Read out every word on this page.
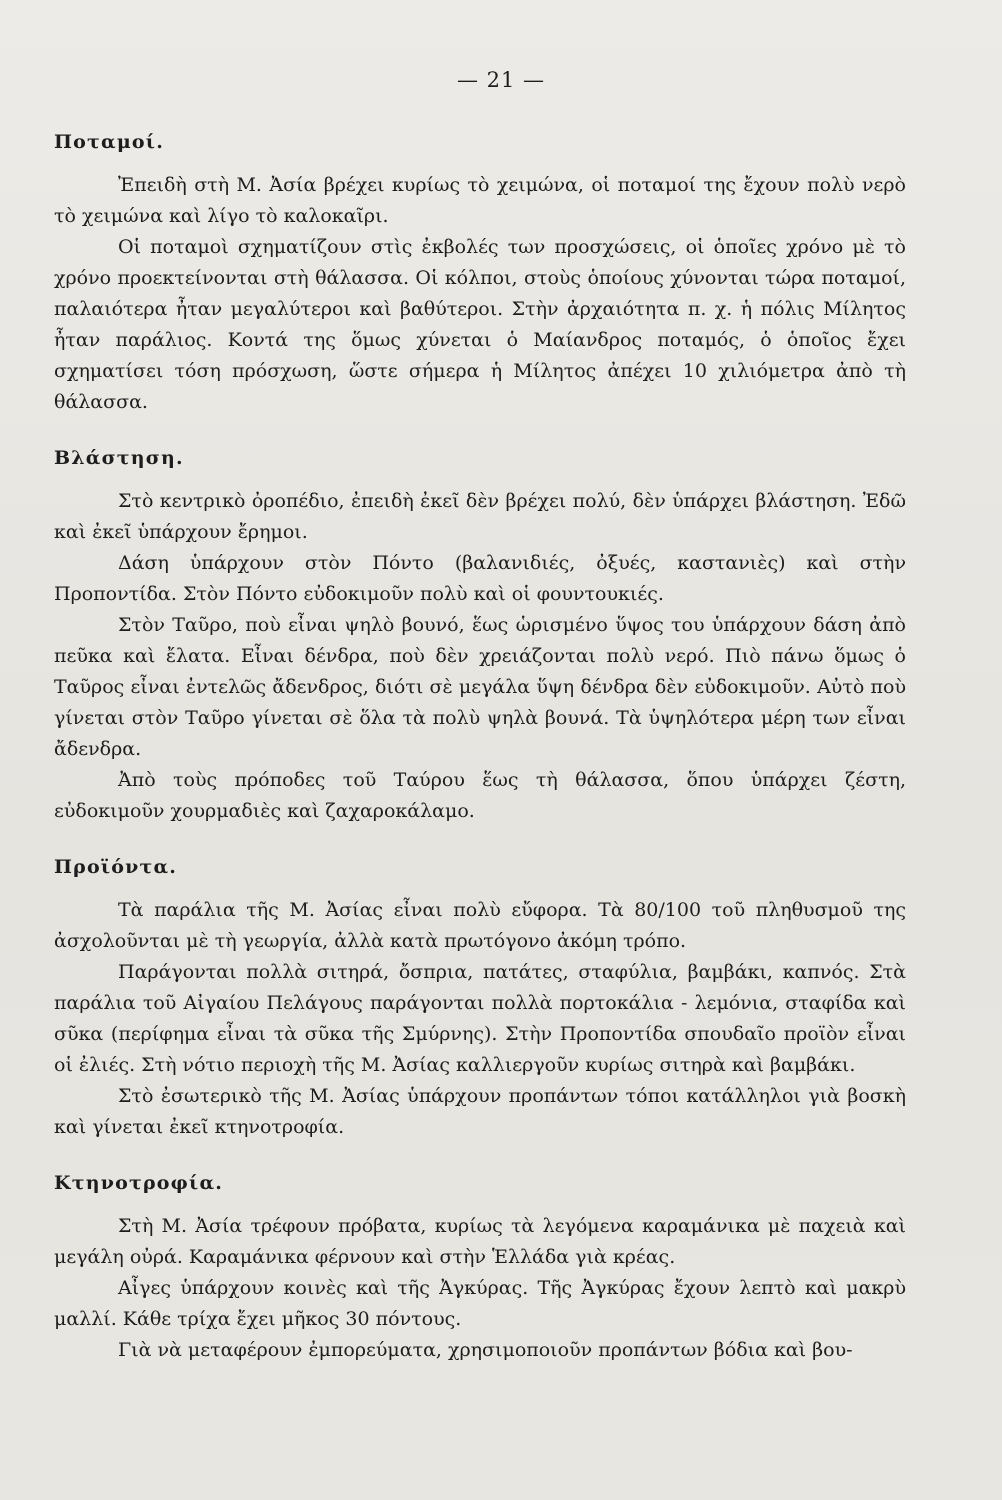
— 21 —
Ποταμοί.

Ἐπειδὴ στὴ Μ. Ἀσία βρέχει κυρίως τὸ χειμώνα, οἱ ποταμοί της ἔχουν πολὺ νερὸ τὸ χειμώνα καὶ λίγο τὸ καλοκαῖρι.

Οἱ ποταμοὶ σχηματίζουν στὶς ἐκβολές των προσχώσεις, οἱ ὁποῖες χρόνο μὲ τὸ χρόνο προεκτείνονται στὴ θάλασσα. Οἱ κόλποι, στοὺς ὁποίους χύνονται τώρα ποταμοί, παλαιότερα ἦταν μεγαλύτεροι καὶ βαθύτεροι. Στὴν ἀρχαιότητα π. χ. ἡ πόλις Μίλητος ἦταν παράλιος. Κοντά της ὅμως χύνεται ὁ Μαίανδρος ποταμός, ὁ ὁποῖος ἔχει σχηματίσει τόση πρόσχωση, ὥστε σήμερα ἡ Μίλητος ἀπέχει 10 χιλιόμετρα ἀπὸ τὴ θάλασσα.

Βλάστηση.

Στὸ κεντρικὸ ὀροπέδιο, ἐπειδὴ ἐκεῖ δὲν βρέχει πολύ, δὲν ὑπάρχει βλάστηση. Ἐδῶ καὶ ἐκεῖ ὑπάρχουν ἔρημοι.

Δάση ὑπάρχουν στὸν Πόντο (βαλανιδιές, ὀξυές, καστανιὲς) καὶ στὴν Προποντίδα. Στὸν Πόντο εὐδοκιμοῦν πολὺ καὶ οἱ φουντουκιές.

Στὸν Ταῦρο, ποὺ εἶναι ψηλὸ βουνό, ἕως ὡρισμένο ὕψος του ὑπάρχουν δάση ἀπὸ πεῦκα καὶ ἔλατα. Εἶναι δένδρα, ποὺ δὲν χρειάζονται πολὺ νερό. Πιὸ πάνω ὅμως ὁ Ταῦρος εἶναι ἐντελῶς ἄδενδρος, διότι σὲ μεγάλα ὕψη δένδρα δὲν εὐδοκιμοῦν. Αὐτὸ ποὺ γίνεται στὸν Ταῦρο γίνεται σὲ ὅλα τὰ πολὺ ψηλὰ βουνά. Τὰ ὑψηλότερα μέρη των εἶναι ἄδενδρα.

Ἀπὸ τοὺς πρόποδες τοῦ Ταύρου ἕως τὴ θάλασσα, ὅπου ὑπάρχει ζέστη, εὐδοκιμοῦν χουρμαδιὲς καὶ ζαχαροκάλαμο.

Προϊόντα.

Τὰ παράλια τῆς Μ. Ἀσίας εἶναι πολὺ εὔφορα. Τὰ 80/100 τοῦ πληθυσμοῦ της ἀσχολοῦνται μὲ τὴ γεωργία, ἀλλὰ κατὰ πρωτόγονο ἀκόμη τρόπο.

Παράγονται πολλὰ σιτηρά, ὄσπρια, πατάτες, σταφύλια, βαμβάκι, καπνός. Στὰ παράλια τοῦ Αἰγαίου Πελάγους παράγονται πολλὰ πορτοκάλια - λεμόνια, σταφίδα καὶ σῦκα (περίφημα εἶναι τὰ σῦκα τῆς Σμύρνης). Στὴν Προποντίδα σπουδαῖο προϊὸν εἶναι οἱ ἐλιές. Στὴ νότιο περιοχὴ τῆς Μ. Ἀσίας καλλιεργοῦν κυρίως σιτηρὰ καὶ βαμβάκι.

Στὸ ἐσωτερικὸ τῆς Μ. Ἀσίας ὑπάρχουν προπάντων τόποι κατάλληλοι γιὰ βοσκὴ καὶ γίνεται ἐκεῖ κτηνοτροφία.

Κτηνοτροφία.

Στὴ Μ. Ἀσία τρέφουν πρόβατα, κυρίως τὰ λεγόμενα καραμάνικα μὲ παχειὰ καὶ μεγάλη οὐρά. Καραμάνικα φέρνουν καὶ στὴν Ἑλλάδα γιὰ κρέας.

Αἶγες ὑπάρχουν κοινὲς καὶ τῆς Ἀγκύρας. Τῆς Ἀγκύρας ἔχουν λεπτὸ καὶ μακρὺ μαλλί. Κάθε τρίχα ἔχει μῆκος 30 πόντους.

Γιὰ νὰ μεταφέρουν ἐμπορεύματα, χρησιμοποιοῦν προπάντων βόδια καὶ βου-
